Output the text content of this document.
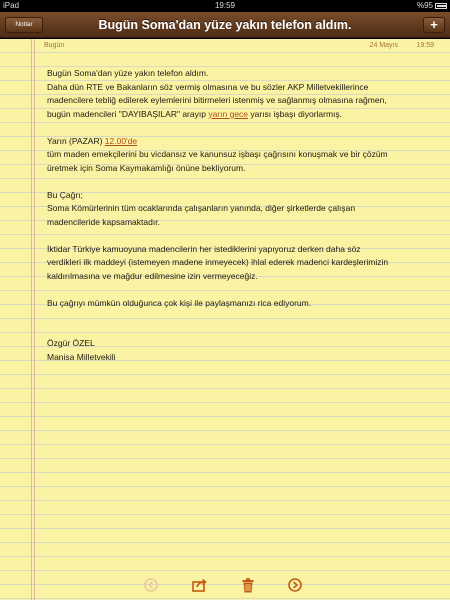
iPad	19:59	%95
Notlar	Bugün Soma'dan yüze yakın telefon aldım.	+
Bugün	24 Mayıs	19:59

Bugün Soma'dan yüze yakın telefon aldım.

Daha dün RTE ve Bakanların söz vermiş olmasına ve bu sözler AKP Milletvekillerince

madencilere tebliğ edilerek eylemlerini bitirmeleri istenmiş ve sağlanmış olmasına rağmen,

bugün madencileri "DAYIBAŞILAR" arayıp yarın gece yarısı işbaşı diyorlarmış.

Yarın (PAZAR) 12.00'de

tüm maden emekçilerini bu vicdansız ve kanunsuz işbaşı çağrısını konuşmak ve bir çözüm

üretmek için Soma Kaymakamlığı önüne bekliyorum.

Bu Çağrı;

Soma Kömürlerinin tüm ocaklarında çalışanların yanında, diğer şirketlerde çalışan

madencileride kapsamaktadır.

İktidar Türkiye kamuoyuna madencilerin her istediklerini yapıyoruz derken daha söz

verdikleri ilk maddeyi (istemeyen madene inmeyecek) ihlal ederek madenci kardeşlerimizin

kaldırılmasına ve mağdur edilmesine izin vermeyeceğiz.

Bu çağrıyı mümkün olduğunca çok kişi ile paylaşmanızı rica ediyorum.

Özgür ÖZEL

Manisa Milletvekili
